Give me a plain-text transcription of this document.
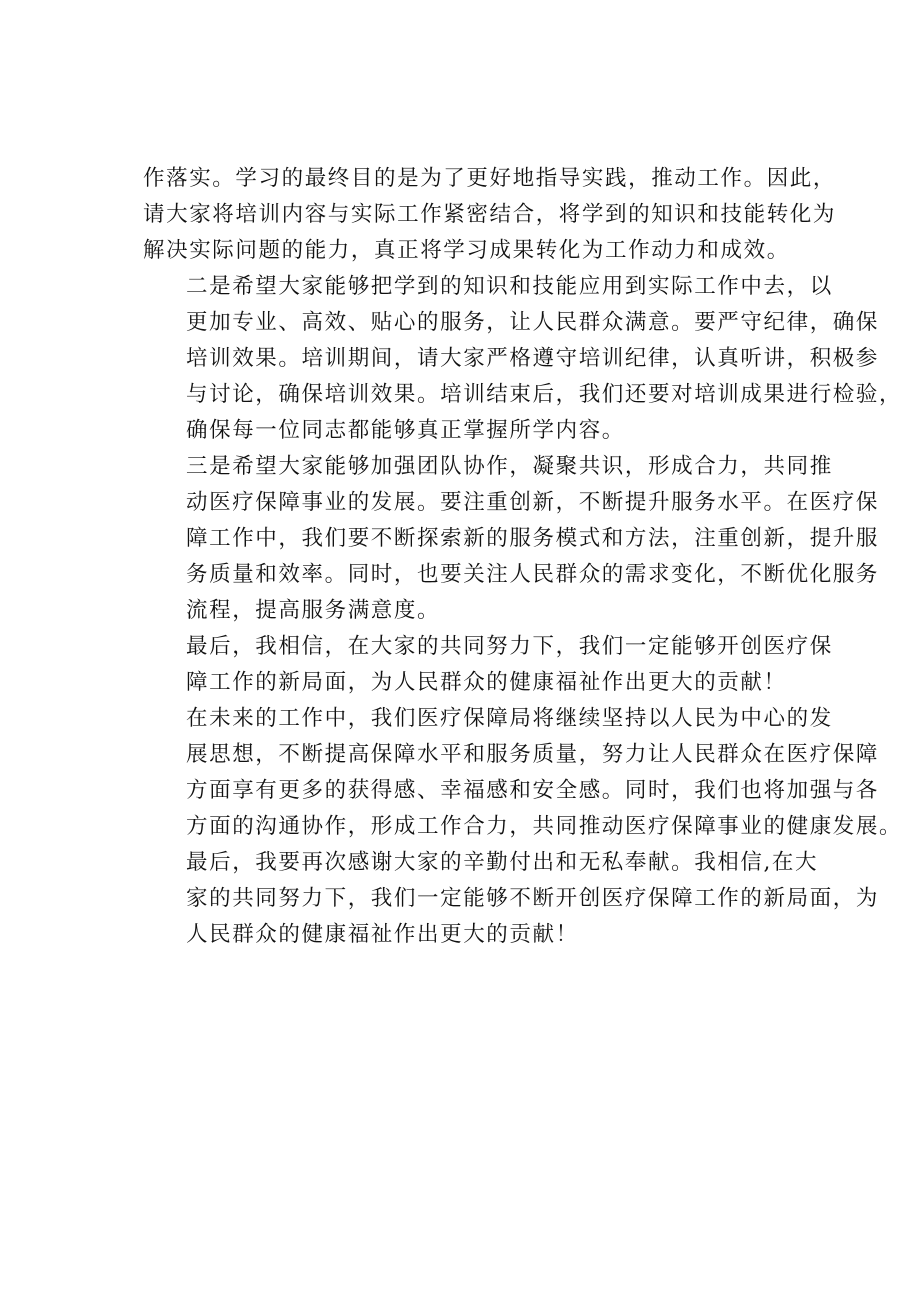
作落实。学习的最终目的是为了更好地指导实践，推动工作。因此，
请大家将培训内容与实际工作紧密结合，将学到的知识和技能转化为
解决实际问题的能力，真正将学习成果转化为工作动力和成效。

二是希望大家能够把学到的知识和技能应用到实际工作中去，以
更加专业、高效、贴心的服务，让人民群众满意。要严守纪律，确保
培训效果。培训期间，请大家严格遵守培训纪律，认真听讲，积极参
与讨论，确保培训效果。培训结束后，我们还要对培训成果进行检验，
确保每一位同志都能够真正掌握所学内容。

三是希望大家能够加强团队协作，凝聚共识，形成合力，共同推
动医疗保障事业的发展。要注重创新，不断提升服务水平。在医疗保
障工作中，我们要不断探索新的服务模式和方法，注重创新，提升服
务质量和效率。同时，也要关注人民群众的需求变化，不断优化服务
流程，提高服务满意度。

最后，我相信，在大家的共同努力下，我们一定能够开创医疗保
障工作的新局面，为人民群众的健康福祉作出更大的贡献！

在未来的工作中，我们医疗保障局将继续坚持以人民为中心的发
展思想，不断提高保障水平和服务质量，努力让人民群众在医疗保障
方面享有更多的获得感、幸福感和安全感。同时，我们也将加强与各
方面的沟通协作，形成工作合力，共同推动医疗保障事业的健康发展。

最后，我要再次感谢大家的辛勤付出和无私奉献。我相信,在大
家的共同努力下，我们一定能够不断开创医疗保障工作的新局面，为
人民群众的健康福祉作出更大的贡献！
